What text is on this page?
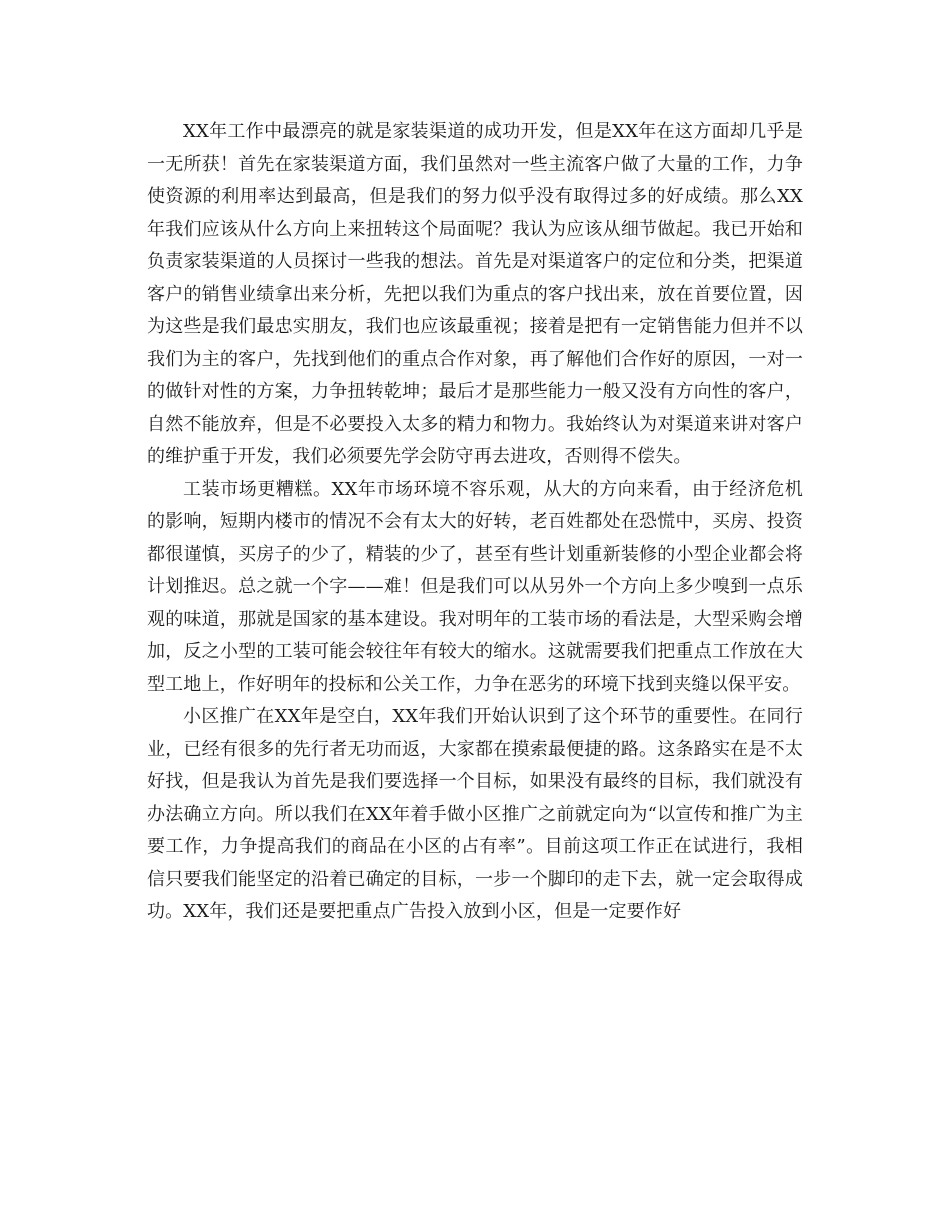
XX年工作中最漂亮的就是家装渠道的成功开发，但是XX年在这方面却几乎是一无所获！首先在家装渠道方面，我们虽然对一些主流客户做了大量的工作，力争使资源的利用率达到最高，但是我们的努力似乎没有取得过多的好成绩。那么XX年我们应该从什么方向上来扭转这个局面呢？我认为应该从细节做起。我已开始和负责家装渠道的人员探讨一些我的想法。首先是对渠道客户的定位和分类，把渠道客户的销售业绩拿出来分析，先把以我们为重点的客户找出来，放在首要位置，因为这些是我们最忠实朋友，我们也应该最重视；接着是把有一定销售能力但并不以我们为主的客户，先找到他们的重点合作对象，再了解他们合作好的原因，一对一的做针对性的方案，力争扭转乾坤；最后才是那些能力一般又没有方向性的客户，自然不能放弃，但是不必要投入太多的精力和物力。我始终认为对渠道来讲对客户的维护重于开发，我们必须要先学会防守再去进攻，否则得不偿失。

工装市场更糟糕。XX年市场环境不容乐观，从大的方向来看，由于经济危机的影响，短期内楼市的情况不会有太大的好转，老百姓都处在恐慌中，买房、投资都很谨慎，买房子的少了，精装的少了，甚至有些计划重新装修的小型企业都会将计划推迟。总之就一个字——难！但是我们可以从另外一个方向上多少嗅到一点乐观的味道，那就是国家的基本建设。我对明年的工装市场的看法是，大型采购会增加，反之小型的工装可能会较往年有较大的缩水。这就需要我们把重点工作放在大型工地上，作好明年的投标和公关工作，力争在恶劣的环境下找到夹缝以保平安。

小区推广在XX年是空白，XX年我们开始认识到了这个环节的重要性。在同行业，已经有很多的先行者无功而返，大家都在摸索最便捷的路。这条路实在是不太好找，但是我认为首先是我们要选择一个目标，如果没有最终的目标，我们就没有办法确立方向。所以我们在XX年着手做小区推广之前就定向为“以宣传和推广为主要工作，力争提高我们的商品在小区的占有率”。目前这项工作正在试进行，我相信只要我们能坚定的沿着已确定的目标，一步一个脚印的走下去，就一定会取得成功。XX年，我们还是要把重点广告投入放到小区，但是一定要作好
